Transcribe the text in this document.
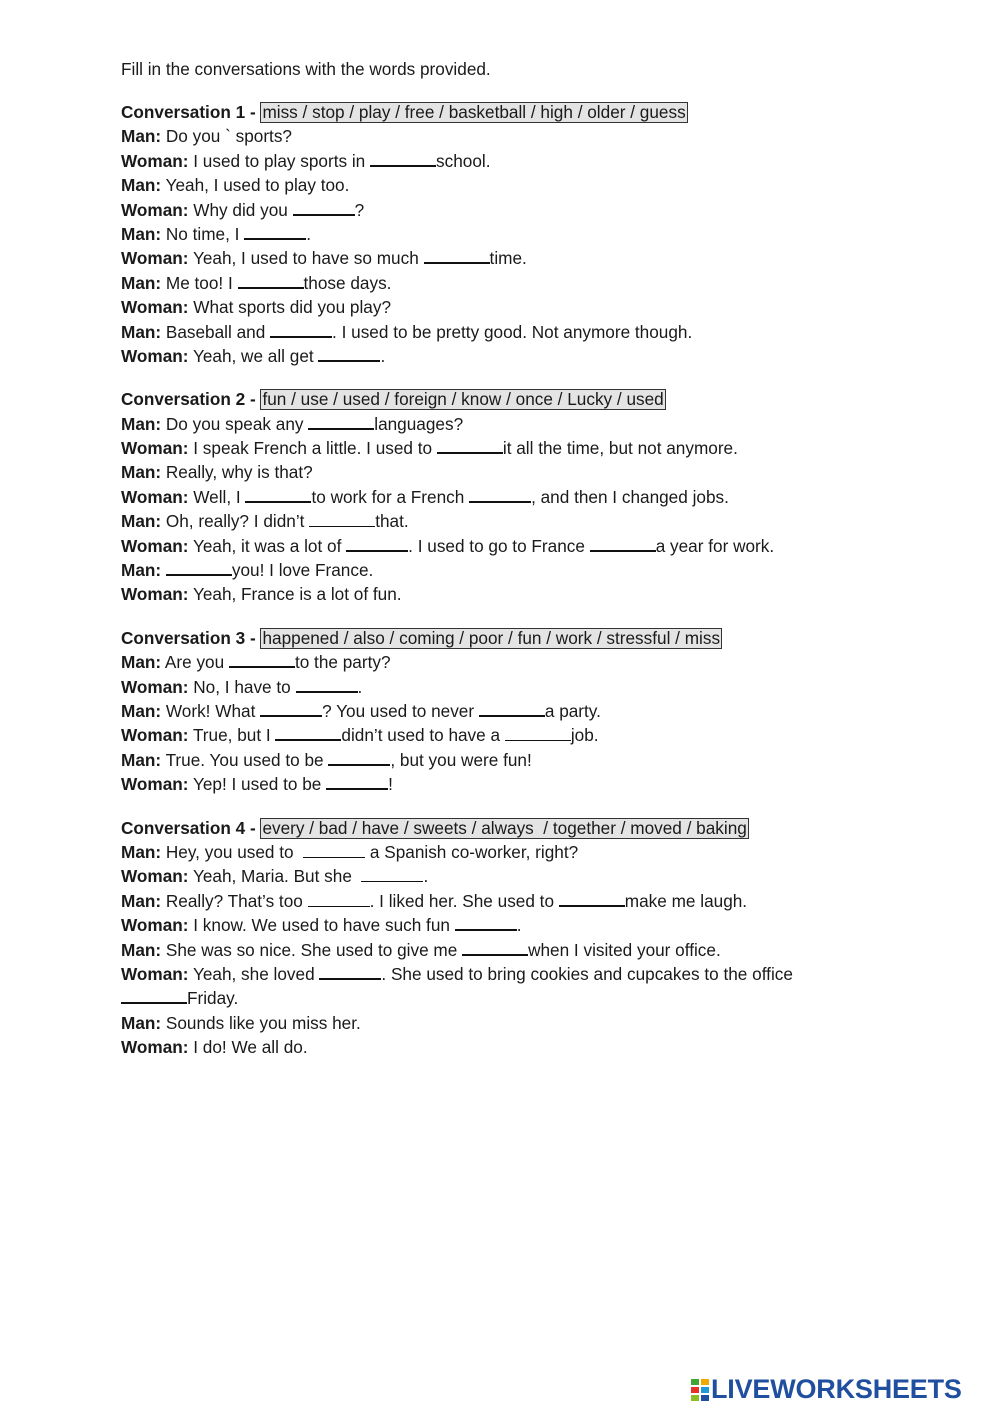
Fill in the conversations with the words provided.
Conversation 1 - miss / stop / play / free / basketball / high / older / guess
Man: Do you ` sports?
Woman: I used to play sports in	school.
Man: Yeah, I used to play too.
Woman: Why did you	?
Man: No time, I	.
Woman: Yeah, I used to have so much	time.
Man: Me too! I	those days.
Woman: What sports did you play?
Man: Baseball and	. I used to be pretty good. Not anymore though.
Woman: Yeah, we all get	.
Conversation 2 - fun / use / used / foreign / know / once / Lucky / used
Man: Do you speak any	languages?
Woman: I speak French a little. I used to	it all the time, but not anymore.
Man: Really, why is that?
Woman: Well, I	to work for a French	, and then I changed jobs.
Man: Oh, really? I didn’t	that.
Woman: Yeah, it was a lot of	. I used to go to France	a year for work.
Man:	you! I love France.
Woman: Yeah, France is a lot of fun.
Conversation 3 - happened / also / coming / poor / fun / work / stressful / miss
Man: Are you	to the party?
Woman: No, I have to	.
Man: Work! What	? You used to never	a party.
Woman: True, but I	didn’t used to have a	job.
Man: True. You used to be	, but you were fun!
Woman: Yep! I used to be	!
Conversation 4 - every / bad / have / sweets / always  / together / moved / baking
Man: Hey, you used to	a Spanish co-worker, right?
Woman: Yeah, Maria. But she	.
Man: Really? That’s too	. I liked her. She used to	make me laugh.
Woman: I know. We used to have such fun	.
Man: She was so nice. She used to give me	when I visited your office.
Woman: Yeah, she loved	. She used to bring cookies and cupcakes to the office
Friday.
Man: Sounds like you miss her.
Woman: I do! We all do.
LIVEWORKSHEETS
